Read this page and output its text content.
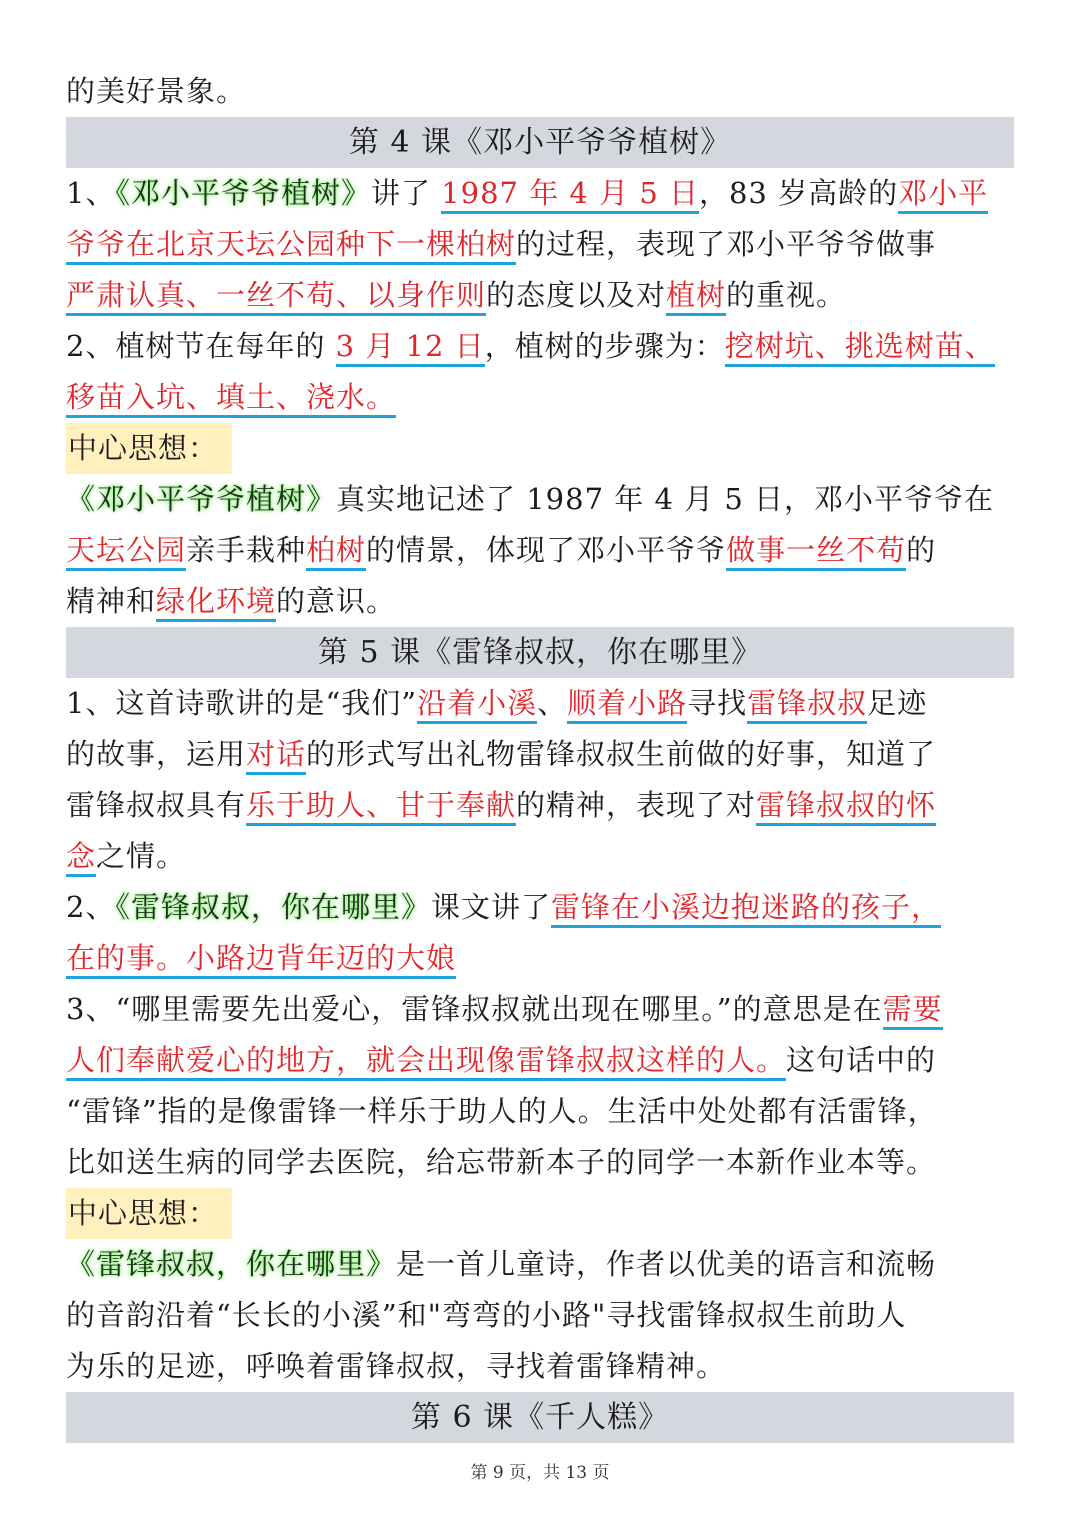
的美好景象。
第 4 课《邓小平爷爷植树》
1、《邓小平爷爷植树》讲了 1987 年 4 月 5 日，83 岁高龄的邓小平
爷爷在北京天坛公园种下一棵柏树的过程，表现了邓小平爷爷做事
严肃认真、一丝不苟、以身作则的态度以及对植树的重视。
2、植树节在每年的 3 月 12 日，植树的步骤为：挖树坑、挑选树苗、
移苗入坑、填土、浇水。
中心思想：
《邓小平爷爷植树》真实地记述了 1987 年 4 月 5 日，邓小平爷爷在
天坛公园亲手栽种柏树的情景，体现了邓小平爷爷做事一丝不苟的
精神和绿化环境的意识。
第 5 课《雷锋叔叔，你在哪里》
1、这首诗歌讲的是“我们”沿着小溪、顺着小路寻找雷锋叔叔足迹
的故事，运用对话的形式写出礼物雷锋叔叔生前做的好事，知道了
雷锋叔叔具有乐于助人、甘于奉献的精神，表现了对雷锋叔叔的怀
念之情。
2、《雷锋叔叔，你在哪里》课文讲了雷锋在小溪边抱迷路的孩子，
在的事。小路边背年迈的大娘
3、“哪里需要先出爱心，雷锋叔叔就出现在哪里。”的意思是在需要
人们奉献爱心的地方，就会出现像雷锋叔叔这样的人。这句话中的
“雷锋”指的是像雷锋一样乐于助人的人。生活中处处都有活雷锋，
比如送生病的同学去医院，给忘带新本子的同学一本新作业本等。
中心思想：
《雷锋叔叔，你在哪里》是一首儿童诗，作者以优美的语言和流畅
的音韵沿着“长长的小溪”和"弯弯的小路"寻找雷锋叔叔生前助人
为乐的足迹，呼唤着雷锋叔叔，寻找着雷锋精神。
第 6 课《千人糕》
第 9 页，共 13 页
